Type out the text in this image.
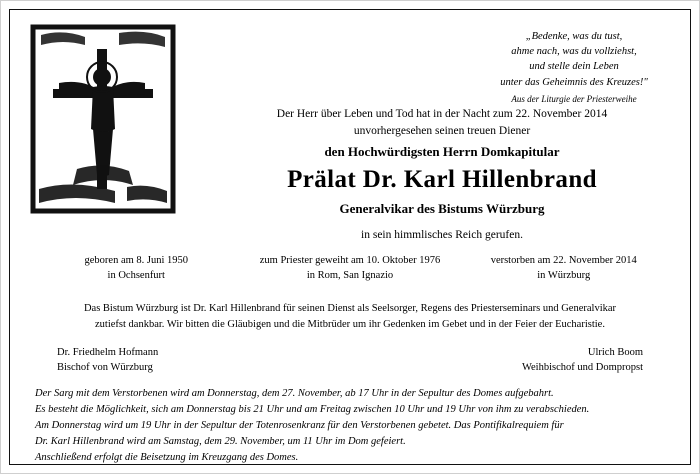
„Bedenke, was du tust,
ahme nach, was du vollziehst,
und stelle dein Leben
unter das Geheimnis des Kreuzes!"
Aus der Liturgie der Priesterweihe
Der Herr über Leben und Tod hat in der Nacht zum 22. November 2014
unvorhergesehen seinen treuen Diener
den Hochwürdigsten Herrn Domkapitular
Prälat Dr. Karl Hillenbrand
Generalvikar des Bistums Würzburg
in sein himmlisches Reich gerufen.
geboren am 8. Juni 1950
in Ochsenfurt
zum Priester geweiht am 10. Oktober 1976
in Rom, San Ignazio
verstorben am 22. November 2014
in Würzburg
Das Bistum Würzburg ist Dr. Karl Hillenbrand für seinen Dienst als Seelsorger, Regens des Priesterseminars und Generalvikar
zutiefst dankbar. Wir bitten die Gläubigen und die Mitbrüder um ihr Gedenken im Gebet und in der Feier der Eucharistie.
Dr. Friedhelm Hofmann
Bischof von Würzburg
Ulrich Boom
Weihbischof und Dompropst
Der Sarg mit dem Verstorbenen wird am Donnerstag, dem 27. November, ab 17 Uhr in der Sepultur des Domes aufgebahrt.
Es besteht die Möglichkeit, sich am Donnerstag bis 21 Uhr und am Freitag zwischen 10 Uhr und 19 Uhr von ihm zu verabschieden.
Am Donnerstag wird um 19 Uhr in der Sepultur der Totenrosenkranz für den Verstorbenen gebetet. Das Pontifikalrequiem für
Dr. Karl Hillenbrand wird am Samstag, dem 29. November, um 11 Uhr im Dom gefeiert.
Anschließend erfolgt die Beisetzung im Kreuzgang des Domes.
